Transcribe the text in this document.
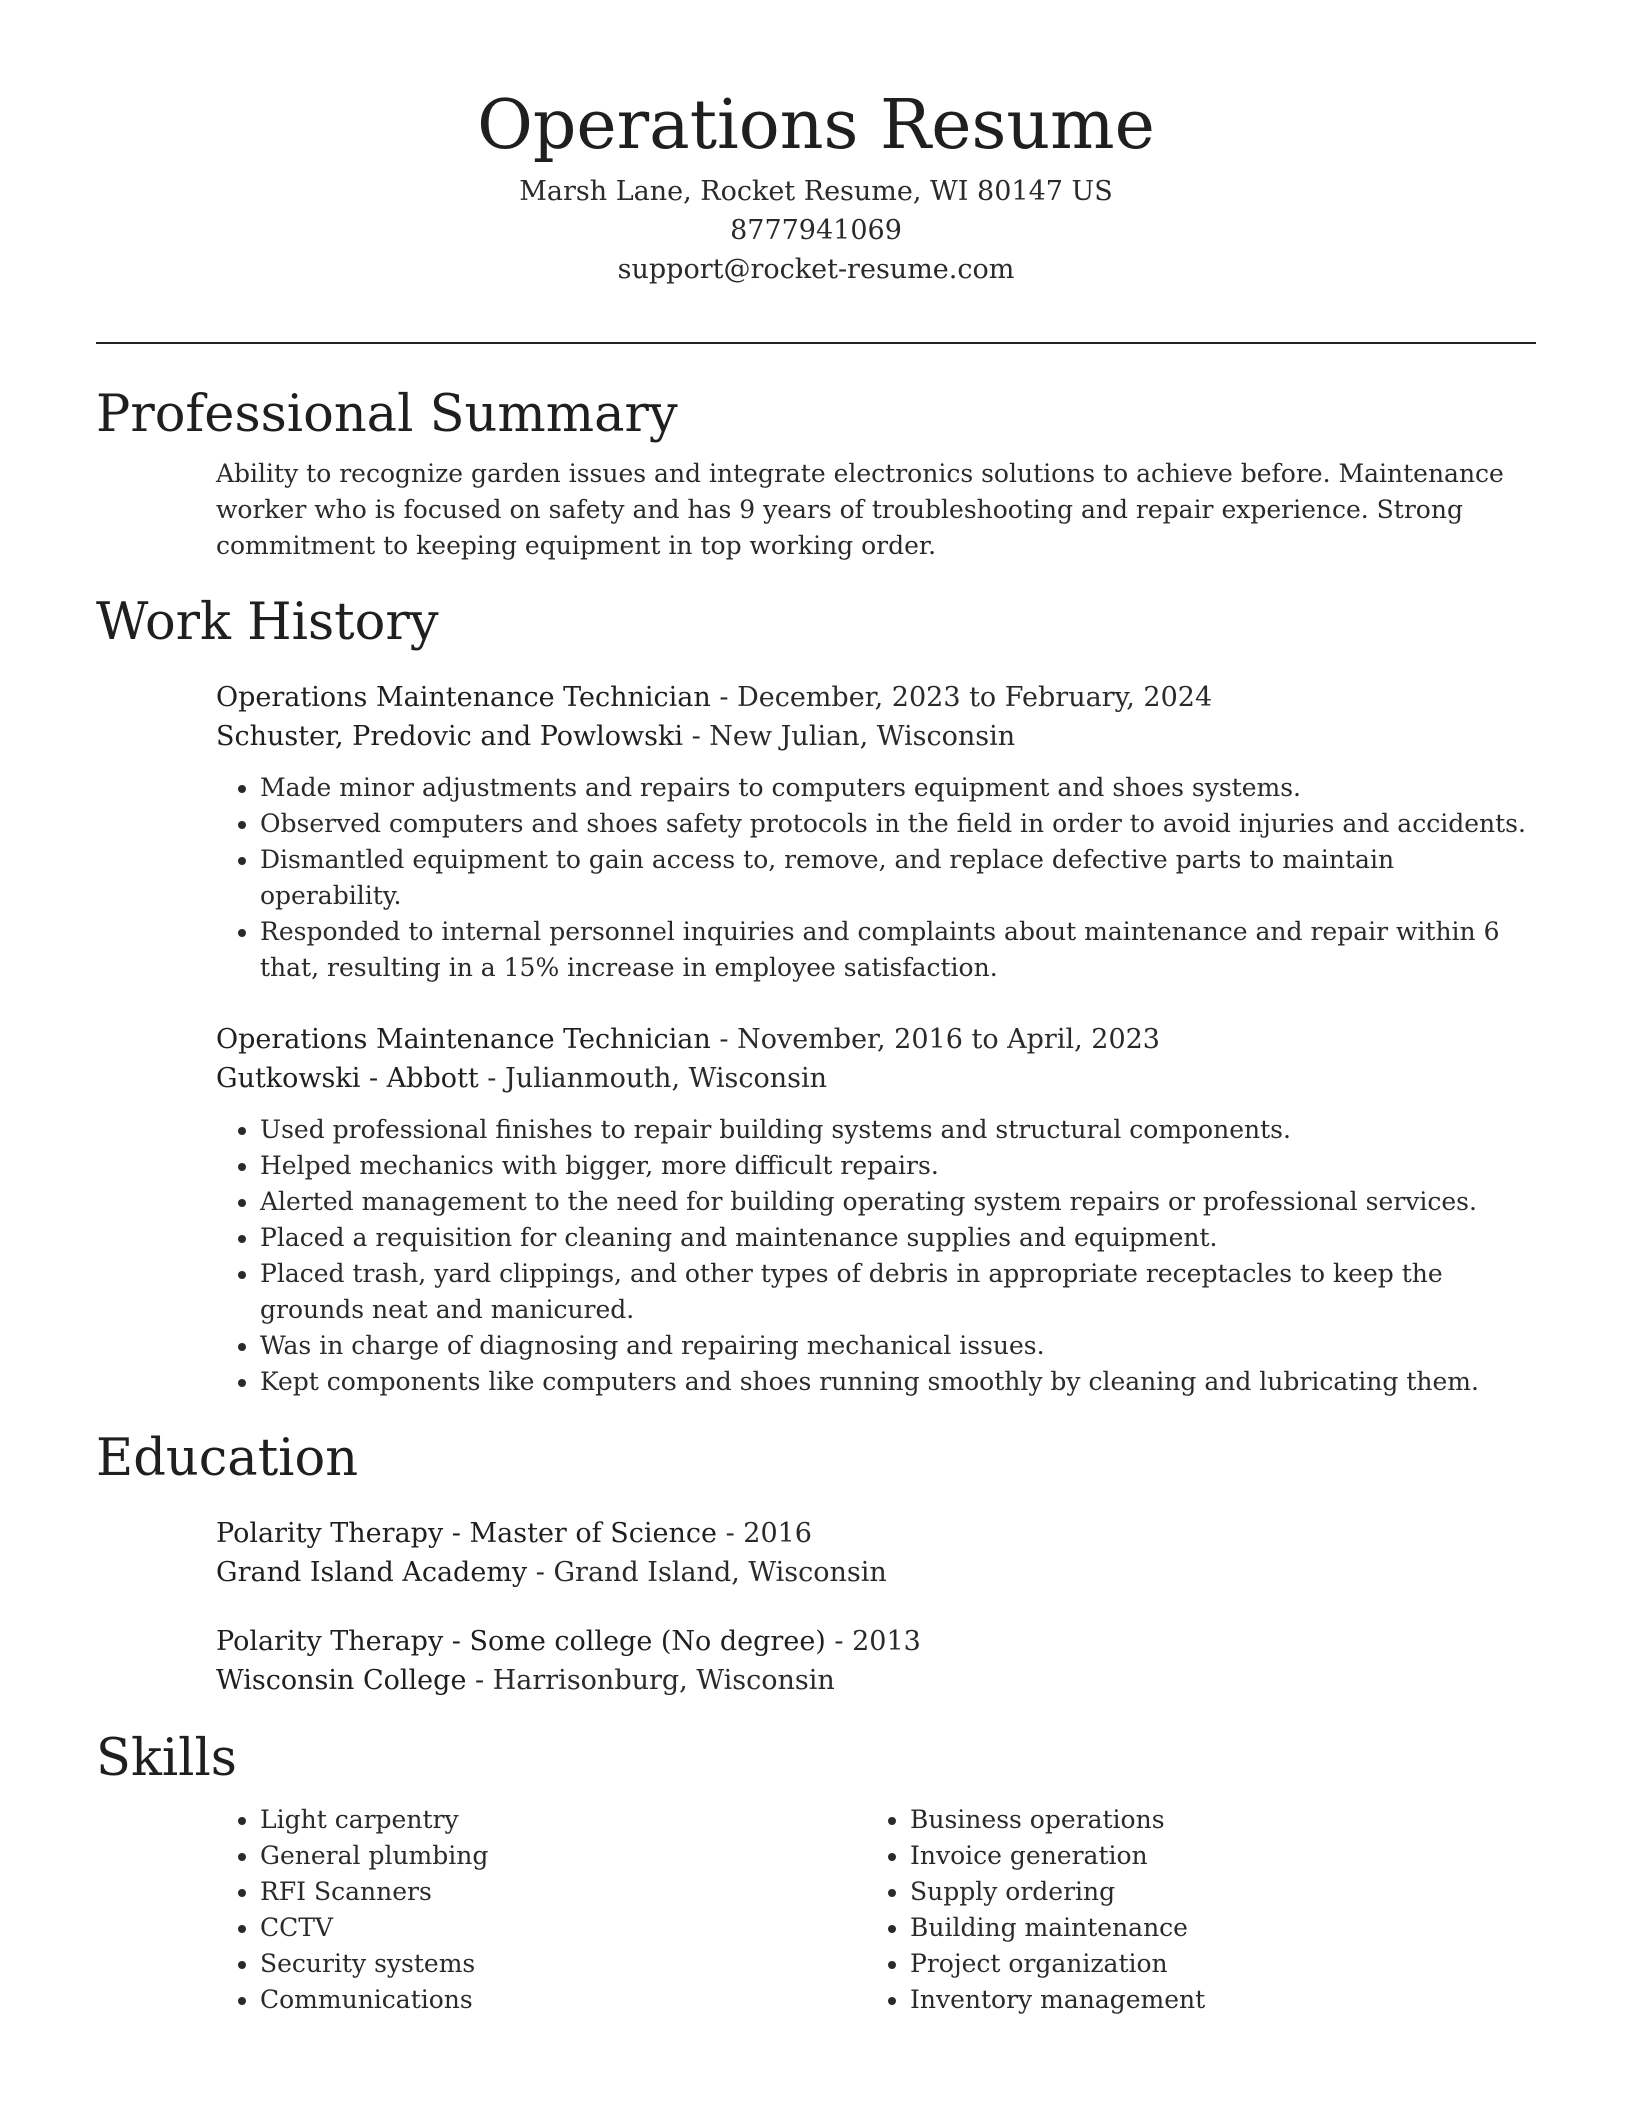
Operations Resume
Marsh Lane, Rocket Resume, WI 80147 US
8777941069
support@rocket-resume.com
Professional Summary

Ability to recognize garden issues and integrate electronics solutions to achieve before. Maintenance worker who is focused on safety and has 9 years of troubleshooting and repair experience. Strong commitment to keeping equipment in top working order.

Work History
Operations Maintenance Technician - December, 2023 to February, 2024
Schuster, Predovic and Powlowski - New Julian, Wisconsin
• Made minor adjustments and repairs to computers equipment and shoes systems.
• Observed computers and shoes safety protocols in the field in order to avoid injuries and accidents.
• Dismantled equipment to gain access to, remove, and replace defective parts to maintain operability.
• Responded to internal personnel inquiries and complaints about maintenance and repair within 6 that, resulting in a 15% increase in employee satisfaction.
Operations Maintenance Technician - November, 2016 to April, 2023
Gutkowski - Abbott - Julianmouth, Wisconsin
• Used professional finishes to repair building systems and structural components.
• Helped mechanics with bigger, more difficult repairs.
• Alerted management to the need for building operating system repairs or professional services.
• Placed a requisition for cleaning and maintenance supplies and equipment.
• Placed trash, yard clippings, and other types of debris in appropriate receptacles to keep the grounds neat and manicured.
• Was in charge of diagnosing and repairing mechanical issues.
• Kept components like computers and shoes running smoothly by cleaning and lubricating them.
Education
Polarity Therapy - Master of Science - 2016
Grand Island Academy - Grand Island, Wisconsin
Polarity Therapy - Some college (No degree) - 2013
Wisconsin College - Harrisonburg, Wisconsin
Skills
• Light carpentry
• General plumbing
• RFI Scanners
• CCTV
• Security systems
• Communications
• Business operations
• Invoice generation
• Supply ordering
• Building maintenance
• Project organization
• Inventory management
